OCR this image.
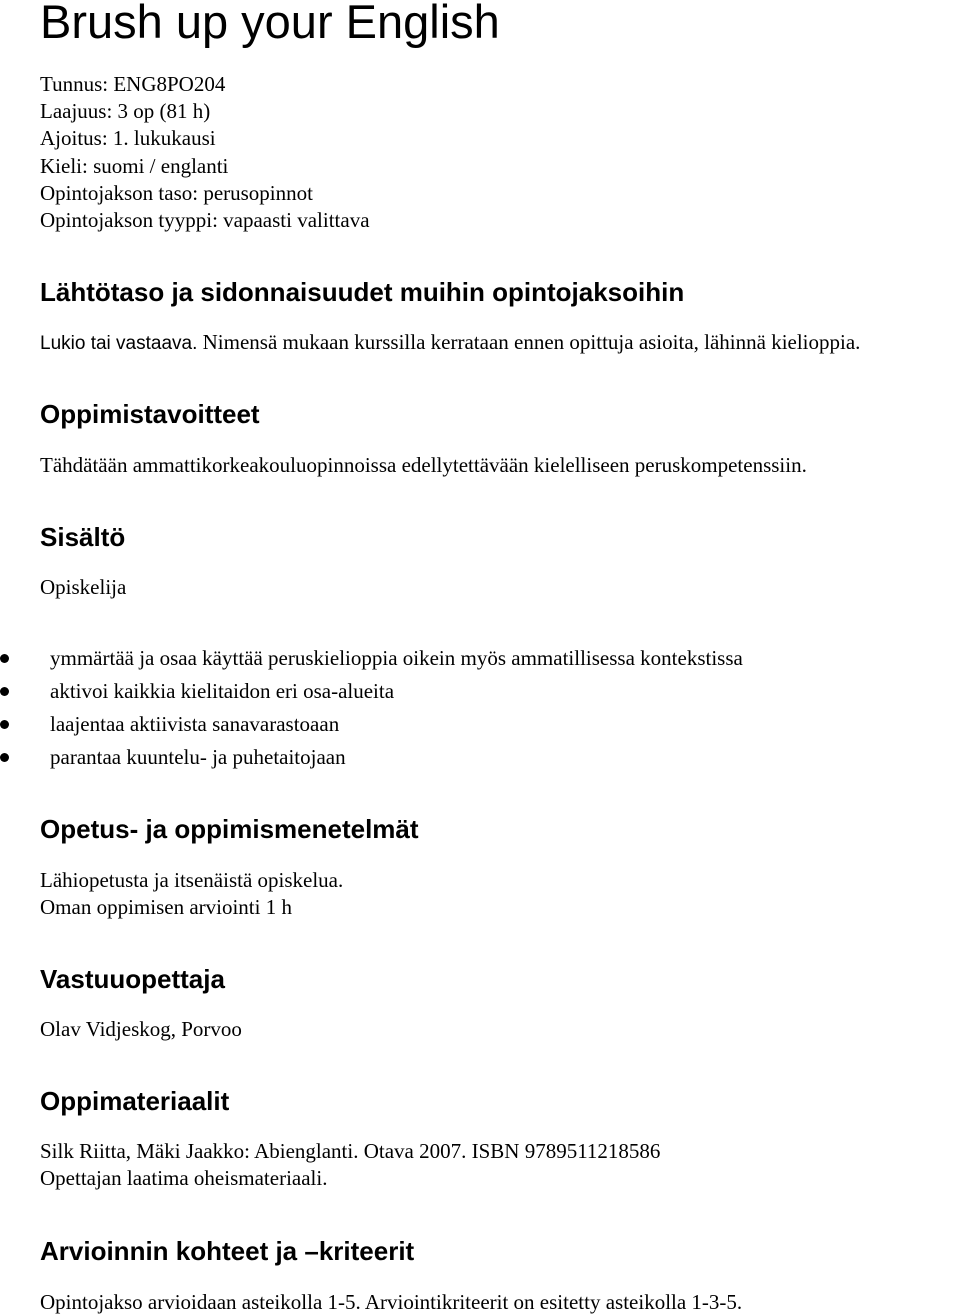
Brush up your English
Tunnus: ENG8PO204
Laajuus: 3 op (81 h)
Ajoitus: 1. lukukausi
Kieli: suomi / englanti
Opintojakson taso: perusopinnot
Opintojakson tyyppi: vapaasti valittava
Lähtötaso ja sidonnaisuudet muihin opintojaksoihin

Lukio tai vastaava. Nimensä mukaan kurssilla kerrataan ennen opittuja asioita, lähinnä kielioppia.

Oppimistavoitteet

Tähdätään ammattikorkeakouluopinnoissa edellytettävään kielelliseen peruskompetenssiin.

Sisältö

Opiskelija

ymmärtää ja osaa käyttää peruskielioppia oikein myös ammatillisessa kontekstissa
aktivoi kaikkia kielitaidon eri osa-alueita
laajentaa aktiivista sanavarastoaan
parantaa kuuntelu- ja puhetaitojaan
Opetus- ja oppimismenetelmät

Lähiopetusta ja itsenäistä opiskelua.

Oman oppimisen arviointi 1 h

Vastuuopettaja

Olav Vidjeskog, Porvoo

Oppimateriaalit

Silk Riitta, Mäki Jaakko: Abienglanti. Otava 2007. ISBN 9789511218586

Opettajan laatima oheismateriaali.

Arvioinnin kohteet ja –kriteerit

Opintojakso arvioidaan asteikolla 1-5. Arviointikriteerit on esitetty asteikolla 1-3-5.
